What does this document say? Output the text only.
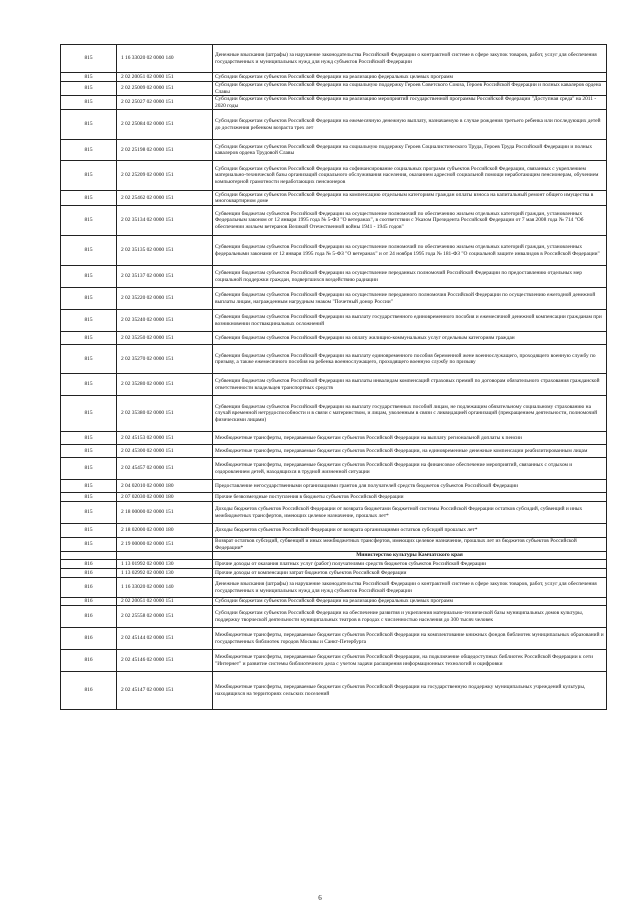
815	1 16 33020 02 0000 140	Денежные взыскания (штрафы) за нарушение законодательства Российской Федерации о контрактной системе в сфере закупок товаров, работ, услуг для обеспечения государственных и муниципальных нужд для нужд субъектов Российской Федерации
815	2 02 20051 02 0000 151	Субсидии бюджетам субъектов Российской Федерации на реализацию федеральных целевых программ
815	2 02 25009 02 0000 151	Субсидии бюджетам субъектов Российской Федерации на социальную поддержку Героев Советского Союза, Героев Российской Федерации и полных кавалеров ордена Славы
815	2 02 25027 02 0000 151	Субсидии бюджетам субъектов Российской Федерации на реализацию мероприятий государственной программы Российской Федерации "Доступная среда" на 2011 - 2020 годы
815	2 02 25084 02 0000 151	Субсидии бюджетам субъектов Российской Федерации на ежемесячную денежную выплату, назначаемую в случае рождения третьего ребенка или последующих детей до достижения ребенком возраста трех лет
815	2 02 25198 02 0000 151	Субсидии бюджетам субъектов Российской Федерации на социальную поддержку Героев Социалистического Труда, Героев Труда Российской Федерации и полных кавалеров ордена Трудовой Славы
815	2 02 25209 02 0000 151	Субсидии бюджетам субъектов Российской Федерации на софинансирование социальных программ субъектов Российской Федерации, связанных с укреплением материально-технической базы организаций социального обслуживания населения, оказанием адресной социальной помощи неработающим пенсионерам, обучением компьютерной грамотности неработающих пенсионеров
815	2 02 25462 02 0000 151	Субсидии бюджетам субъектов Российской Федерации на компенсацию отдельным категориям граждан оплаты взноса на капитальный ремонт общего имущества в многоквартирном доме
815	2 02 35134 02 0000 151	Субвенции бюджетам субъектов Российской Федерации на осуществление полномочий по обеспечению жильем отдельных категорий граждан, установленных Федеральным законом от 12 января 1995 года № 5-ФЗ "О ветеранах", в соответствии с Указом Президента Российской Федерации от 7 мая 2008 года № 714 "Об обеспечении жильем ветеранов Великой Отечественной войны 1941 - 1945 годов"
815	2 02 35135 02 0000 151	Субвенции бюджетам субъектов Российской Федерации на осуществление полномочий по обеспечению жильем отдельных категорий граждан, установленных федеральными законами от 12 января 1995 года № 5-ФЗ "О ветеранах" и от 24 ноября 1995 года № 181-ФЗ "О социальной защите инвалидов в Российской Федерации"
815	2 02 35137 02 0000 151	Субвенции бюджетам субъектов Российской Федерации на осуществление переданных полномочий Российской Федерации по предоставлению отдельных мер социальной поддержки граждан, подвергшихся воздействию радиации
815	2 02 35220 02 0000 151	Субвенции бюджетам субъектов Российской Федерации на осуществление переданного полномочия Российской Федерации по осуществлению ежегодной денежной выплаты лицам, награжденным нагрудным знаком "Почетный донор России"
815	2 02 35240 02 0000 151	Субвенции бюджетам субъектов Российской Федерации на выплату государственного единовременного пособия и ежемесячной денежной компенсации гражданам при возникновении поствакцинальных осложнений
815	2 02 35250 02 0000 151	Субвенции бюджетам субъектов Российской Федерации на оплату жилищно-коммунальных услуг отдельным категориям граждан
815	2 02 35270 02 0000 151	Субвенции бюджетам субъектов Российской Федерации на выплату единовременного пособия беременной жене военнослужащего, проходящего военную службу по призыву, а также ежемесячного пособия на ребенка военнослужащего, проходящего военную службу по призыву
815	2 02 35280 02 0000 151	Субвенции бюджетам субъектов Российской Федерации на выплаты инвалидам компенсаций страховых премий по договорам обязательного страхования гражданской ответственности владельцев транспортных средств
815	2 02 35380 02 0000 151	Субвенции бюджетам субъектов Российской Федерации на выплату государственных пособий лицам, не подлежащим обязательному социальному страхованию на случай временной нетрудоспособности и в связи с материнством, и лицам, уволенным в связи с ликвидацией организаций (прекращением деятельности, полномочий физическими лицами)
815	2 02 45153 02 0000 151	Межбюджетные трансферты, передаваемые бюджетам субъектов Российской Федерации на выплату региональной доплаты к пенсии
815	2 02 45300 02 0000 151	Межбюджетные трансферты, передаваемые бюджетам субъектов Российской Федерации, на единовременные денежные компенсации реабилитированным лицам
815	2 02 45457 02 0000 151	Межбюджетные трансферты, передаваемые бюджетам субъектов Российской Федерации на финансовое обеспечение мероприятий, связанных с отдыхом и оздоровлением детей, находящихся в трудной жизненной ситуации
815	2 04 02010 02 0000 180	Предоставление негосударственными организациями грантов для получателей средств бюджетов субъектов Российской Федерации
815	2 07 02030 02 0000 180	Прочие безвозмездные поступления в бюджеты субъектов Российской Федерации
815	2 18 00000 02 0000 151	Доходы бюджетов субъектов Российской Федерации от возврата бюджетами бюджетной системы Российской Федерации остатков субсидий, субвенций и иных межбюджетных трансфертов, имеющих целевое назначение, прошлых лет*
815	2 18 02000 02 0000 180	Доходы бюджетов субъектов Российской Федерации от возврата организациями остатков субсидий прошлых лет*
815	2 19 00000 02 0000 151	Возврат остатков субсидий, субвенций и иных межбюджетных трансфертов, имеющих целевое назначение, прошлых лет из бюджетов субъектов Российской Федерации*
		Министерство культуры Камчатского края
816	1 13 01992 02 0000 130	Прочие доходы от оказания платных услуг (работ) получателями средств бюджетов субъектов Российской Федерации
816	1 13 02992 02 0000 130	Прочие доходы от компенсации затрат бюджетов субъектов Российской Федерации
816	1 16 33020 02 0000 140	Денежные взыскания (штрафы) за нарушение законодательства Российской Федерации о контрактной системе в сфере закупок товаров, работ, услуг для обеспечения государственных и муниципальных нужд для нужд субъектов Российской Федерации
816	2 02 20051 02 0000 151	Субсидии бюджетам субъектов Российской Федерации на реализацию федеральных целевых программ
816	2 02 25558 02 0000 151	Субсидии бюджетам субъектов Российской Федерации на обеспечение развития и укрепления материально-технической базы муниципальных домов культуры, поддержку творческой деятельности муниципальных театров в городах с численностью населения до 300 тысяч человек
816	2 02 45144 02 0000 151	Межбюджетные трансферты, передаваемые бюджетам субъектов Российской Федерации на комплектование книжных фондов библиотек муниципальных образований и государственных библиотек городов Москвы и Санкт-Петербурга
816	2 02 45146 02 0000 151	Межбюджетные трансферты, передаваемые бюджетам субъектов Российской Федерации, на подключение общедоступных библиотек Российской Федерации к сети "Интернет" и развитие системы библиотечного дела с учетом задачи расширения информационных технологий и оцифровки
816	2 02 45147 02 0000 151	Межбюджетные трансферты, передаваемые бюджетам субъектов Российской Федерации на государственную поддержку муниципальных учреждений культуры, находящихся на территориях сельских поселений
6
